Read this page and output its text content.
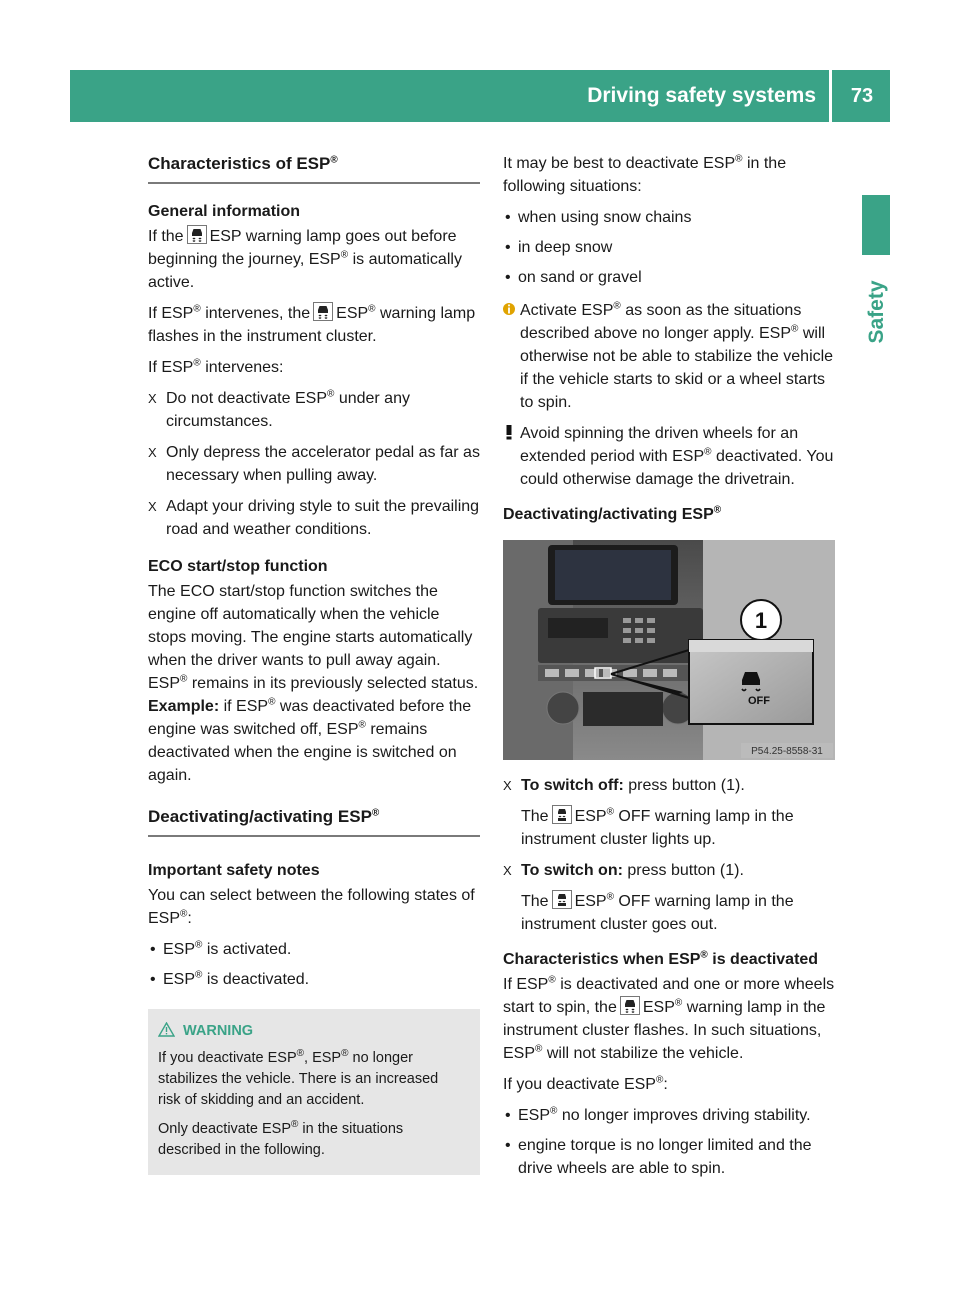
Driving safety systems	73
Safety
Characteristics of ESP®
General information

If the ESP warning lamp goes out before beginning the journey, ESP® is automatically active.

If ESP® intervenes, the ESP® warning lamp flashes in the instrument cluster.

If ESP® intervenes:

X Do not deactivate ESP® under any circumstances.
X Only depress the accelerator pedal as far as necessary when pulling away.
X Adapt your driving style to suit the prevailing road and weather conditions.
ECO start/stop function

The ECO start/stop function switches the engine off automatically when the vehicle stops moving. The engine starts automatically when the driver wants to pull away again. ESP® remains in its previously selected status. Example: if ESP® was deactivated before the engine was switched off, ESP® remains deactivated when the engine is switched on again.

Deactivating/activating ESP®
Important safety notes

You can select between the following states of ESP®:

• ESP® is activated.
• ESP® is deactivated.
WARNING

If you deactivate ESP®, ESP® no longer stabilizes the vehicle. There is an increased risk of skidding and an accident.

Only deactivate ESP® in the situations described in the following.

It may be best to deactivate ESP® in the following situations:

• when using snow chains
• in deep snow
• on sand or gravel
Activate ESP® as soon as the situations described above no longer apply. ESP® will otherwise not be able to stabilize the vehicle if the vehicle starts to skid or a wheel starts to spin.
Avoid spinning the driven wheels for an extended period with ESP® deactivated. You could otherwise damage the drivetrain.
Deactivating/activating ESP®
1
OFF
P54.25-8558-31
X To switch off: press button (1).

The ESP® OFF warning lamp in the instrument cluster lights up.

X To switch on: press button (1).

The ESP® OFF warning lamp in the instrument cluster goes out.

Characteristics when ESP® is deactivated

If ESP® is deactivated and one or more wheels start to spin, the ESP® warning lamp in the instrument cluster flashes. In such situations, ESP® will not stabilize the vehicle.

If you deactivate ESP®:

• ESP® no longer improves driving stability.
• engine torque is no longer limited and the drive wheels are able to spin.
